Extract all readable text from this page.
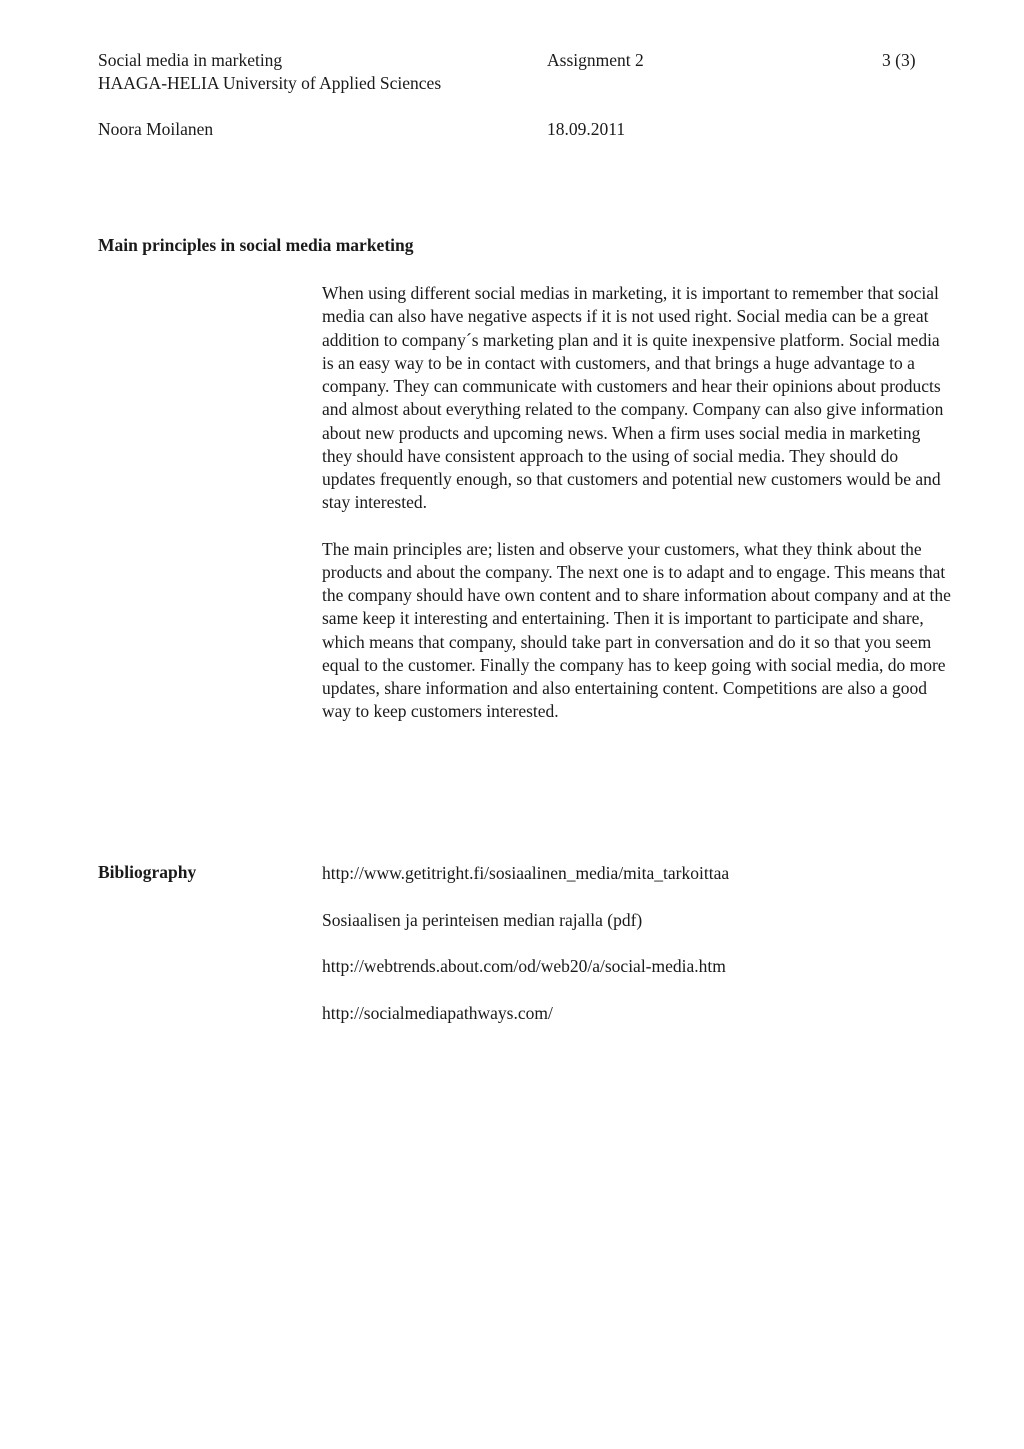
Social media in marketing	Assignment 2	3 (3)
HAAGA-HELIA University of Applied Sciences
Noora Moilanen	18.09.2011
Main principles in social media marketing

When using different social medias in marketing, it is important to remember that social media can also have negative aspects if it is not used right. Social media can be a great addition to company´s marketing plan and it is quite inexpensive platform. Social media is an easy way to be in contact with customers, and that brings a huge advantage to a company. They can communicate with customers and hear their opinions about products and almost about everything related to the company. Company can also give information about new products and upcoming news. When a firm uses social media in marketing they should have consistent approach to the using of social media. They should do updates frequently enough, so that customers and potential new customers would be and stay interested.

The main principles are; listen and observe your customers, what they think about the products and about the company. The next one is to adapt and to engage. This means that the company should have own content and to share information about company and at the same keep it interesting and entertaining. Then it is important to participate and share, which means that company, should take part in conversation and do it so that you seem equal to the customer. Finally the company has to keep going with social media, do more updates, share information and also entertaining content. Competitions are also a good way to keep customers interested.

Bibliography	http://www.getitright.fi/sosiaalinen_media/mita_tarkoittaa
Sosiaalisen ja perinteisen median rajalla (pdf)
http://webtrends.about.com/od/web20/a/social-media.htm
http://socialmediapathways.com/
